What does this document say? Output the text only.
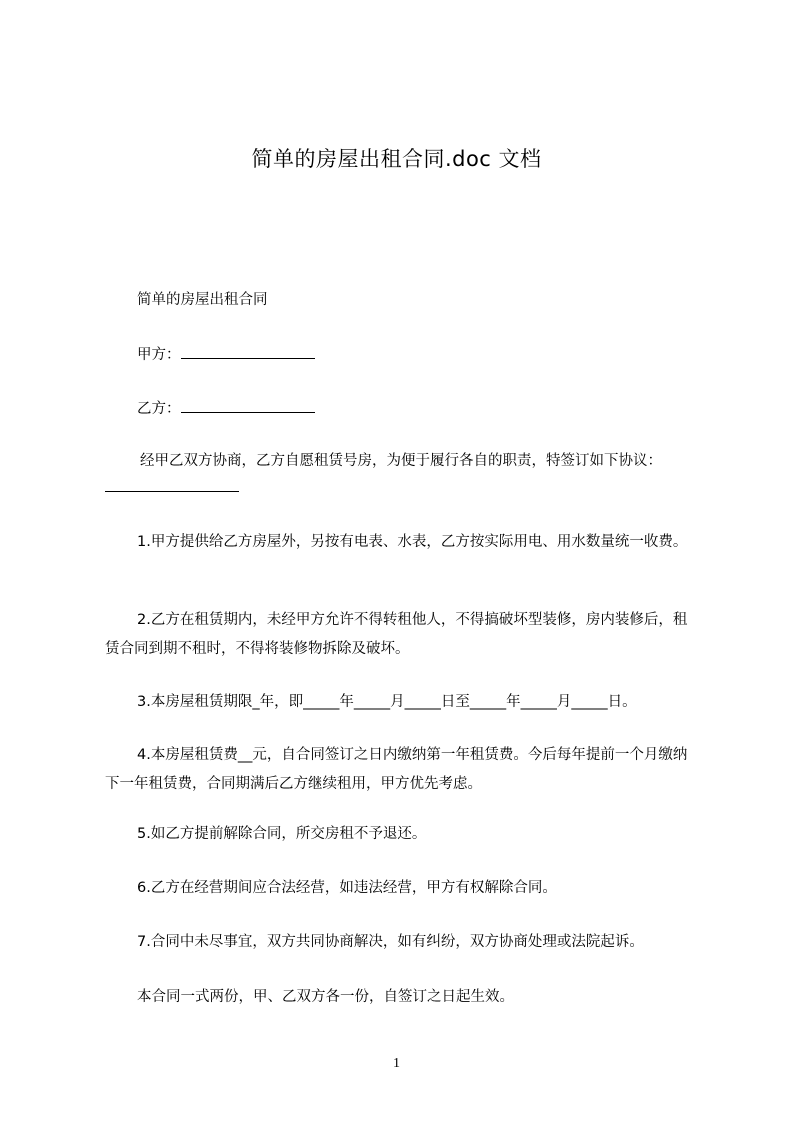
简单的房屋出租合同.doc 文档
简单的房屋出租合同
甲方：
乙方：
经甲乙双方协商，乙方自愿租赁号房，为便于履行各自的职责，特签订如下协议：
1.甲方提供给乙方房屋外，另按有电表、水表，乙方按实际用电、用水数量统一收费。
2.乙方在租赁期内，未经甲方允许不得转租他人，不得搞破坏型装修，房内装修后，租赁合同到期不租时，不得将装修物拆除及破坏。
3.本房屋租赁期限_年，即_____年_____月_____日至_____年_____月_____日。
4.本房屋租赁费__元，自合同签订之日内缴纳第一年租赁费。今后每年提前一个月缴纳下一年租赁费，合同期满后乙方继续租用，甲方优先考虑。
5.如乙方提前解除合同，所交房租不予退还。
6.乙方在经营期间应合法经营，如违法经营，甲方有权解除合同。
7.合同中未尽事宜，双方共同协商解决，如有纠纷，双方协商处理或法院起诉。
本合同一式两份，甲、乙双方各一份，自签订之日起生效。
1
